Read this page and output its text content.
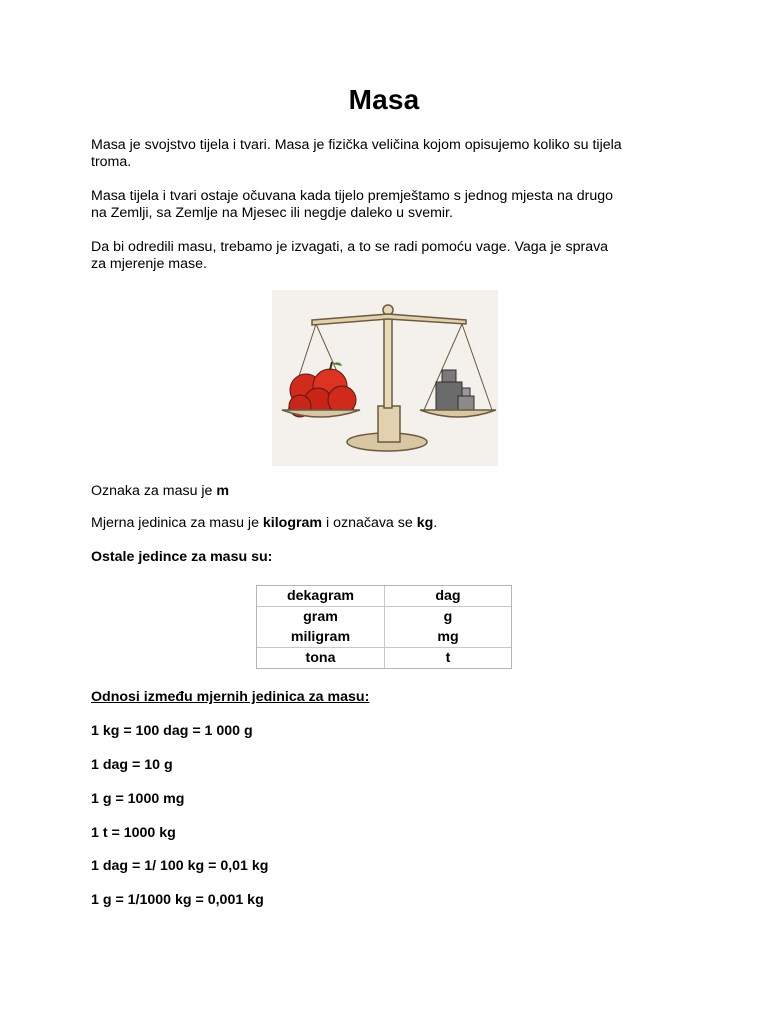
Masa

Masa je svojstvo tijela i tvari. Masa je fizička veličina kojom opisujemo koliko su tijela
troma.

Masa tijela i tvari ostaje očuvana kada tijelo premještamo s jednog mjesta na drugo
na Zemlji, sa Zemlje na Mjesec ili negdje daleko u svemir.

Da bi odredili masu, trebamo je izvagati, a to se radi pomoću vage. Vaga je sprava
za mjerenje mase.

Oznaka za masu je m

Mjerna jedinica za masu je kilogram i označava se kg.

Ostale jedince za masu su:

dekagram	dag
gram	g
miligram	mg
tona	t

Odnosi između mjernih jedinica za masu:

1 kg = 100 dag = 1 000 g

1 dag = 10 g

1 g = 1000 mg

1 t = 1000 kg

1 dag = 1/ 100 kg = 0,01 kg

1 g = 1/1000 kg = 0,001 kg
